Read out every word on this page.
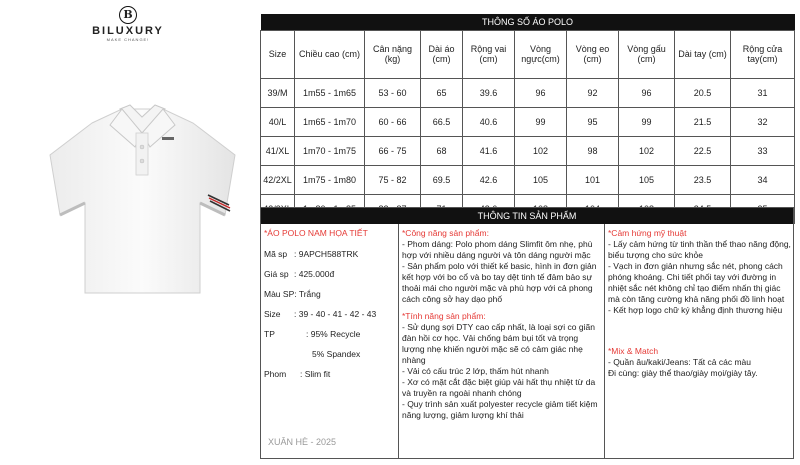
B
BILUXURY
MAKE CHANGE!
THÔNG SỐ ÁO POLO									
Size	Chiều cao (cm)	Cân nặng (kg)	Dài áo (cm)	Rộng vai (cm)	Vòng ngực(cm)	Vòng eo (cm)	Vòng gấu (cm)	Dài tay (cm)	Rộng cửa tay(cm)
39/M	1m55 - 1m65	53 - 60	65	39.6	96	92	96	20.5	31
40/L	1m65 - 1m70	60 - 66	66.5	40.6	99	95	99	21.5	32
41/XL	1m70 - 1m75	66 - 75	68	41.6	102	98	102	22.5	33
42/2XL	1m75 - 1m80	75 - 82	69.5	42.6	105	101	105	23.5	34

THÔNG TIN SẢN PHẨM
*ÁO POLO NAM HỌA TIẾT
Mã sp : 9APCH588TRK
Giá sp : 425.000đ
Màu SP : Trắng
Size	: 39 - 40 - 41 - 42 - 43
TP	: 95% Recycle
5% Spandex
Phom	: Slim fit
*Công năng sản phẩm:
- Phom dáng: Polo phom dáng Slimfit ôm nhẹ, phù hợp với nhiều dáng người và tôn dáng người mặc
- Sản phẩm polo với thiết kế basic, hình in đơn giản kết hợp với bo cổ và bo tay dệt tinh tế đảm bảo sự thoải mái cho người mặc và phù hợp với cả phong cách công sở hay dạo phố
*Tính năng sản phẩm:
- Sử dụng sợi DTY cao cấp nhất, là loại sợi co giãn đàn hồi cơ học. Vải chống bám bụi tốt và trọng lượng nhẹ khiến người mặc sẽ có cảm giác nhẹ nhàng
- Vải có cấu trúc 2 lớp, thấm hút nhanh
- Xơ có mặt cắt đặc biệt giúp vải hất thụ nhiệt từ da và truyền ra ngoài nhanh chóng
- Quy trình sản xuất polyester recycle giảm tiết kiệm năng lượng, giảm lượng khí thải
*Cảm hứng mỹ thuật
- Lấy cảm hứng từ tinh thần thể thao năng động, biểu tượng cho sức khỏe
- Vạch in đơn giản nhưng sắc nét, phong cách phóng khoáng. Chi tiết phối tay với đường in nhiệt sắc nét không chỉ tạo điểm nhấn thị giác mà còn tăng cường khả năng phối đồ linh hoạt
- Kết hợp logo chữ ký khẳng định thương hiệu
*Mix & Match
- Quần âu/kaki/Jeans: Tất cả các màu
Đi cùng: giày thể thao/giày mọi/giày tây.
XUÂN HÈ - 2025
